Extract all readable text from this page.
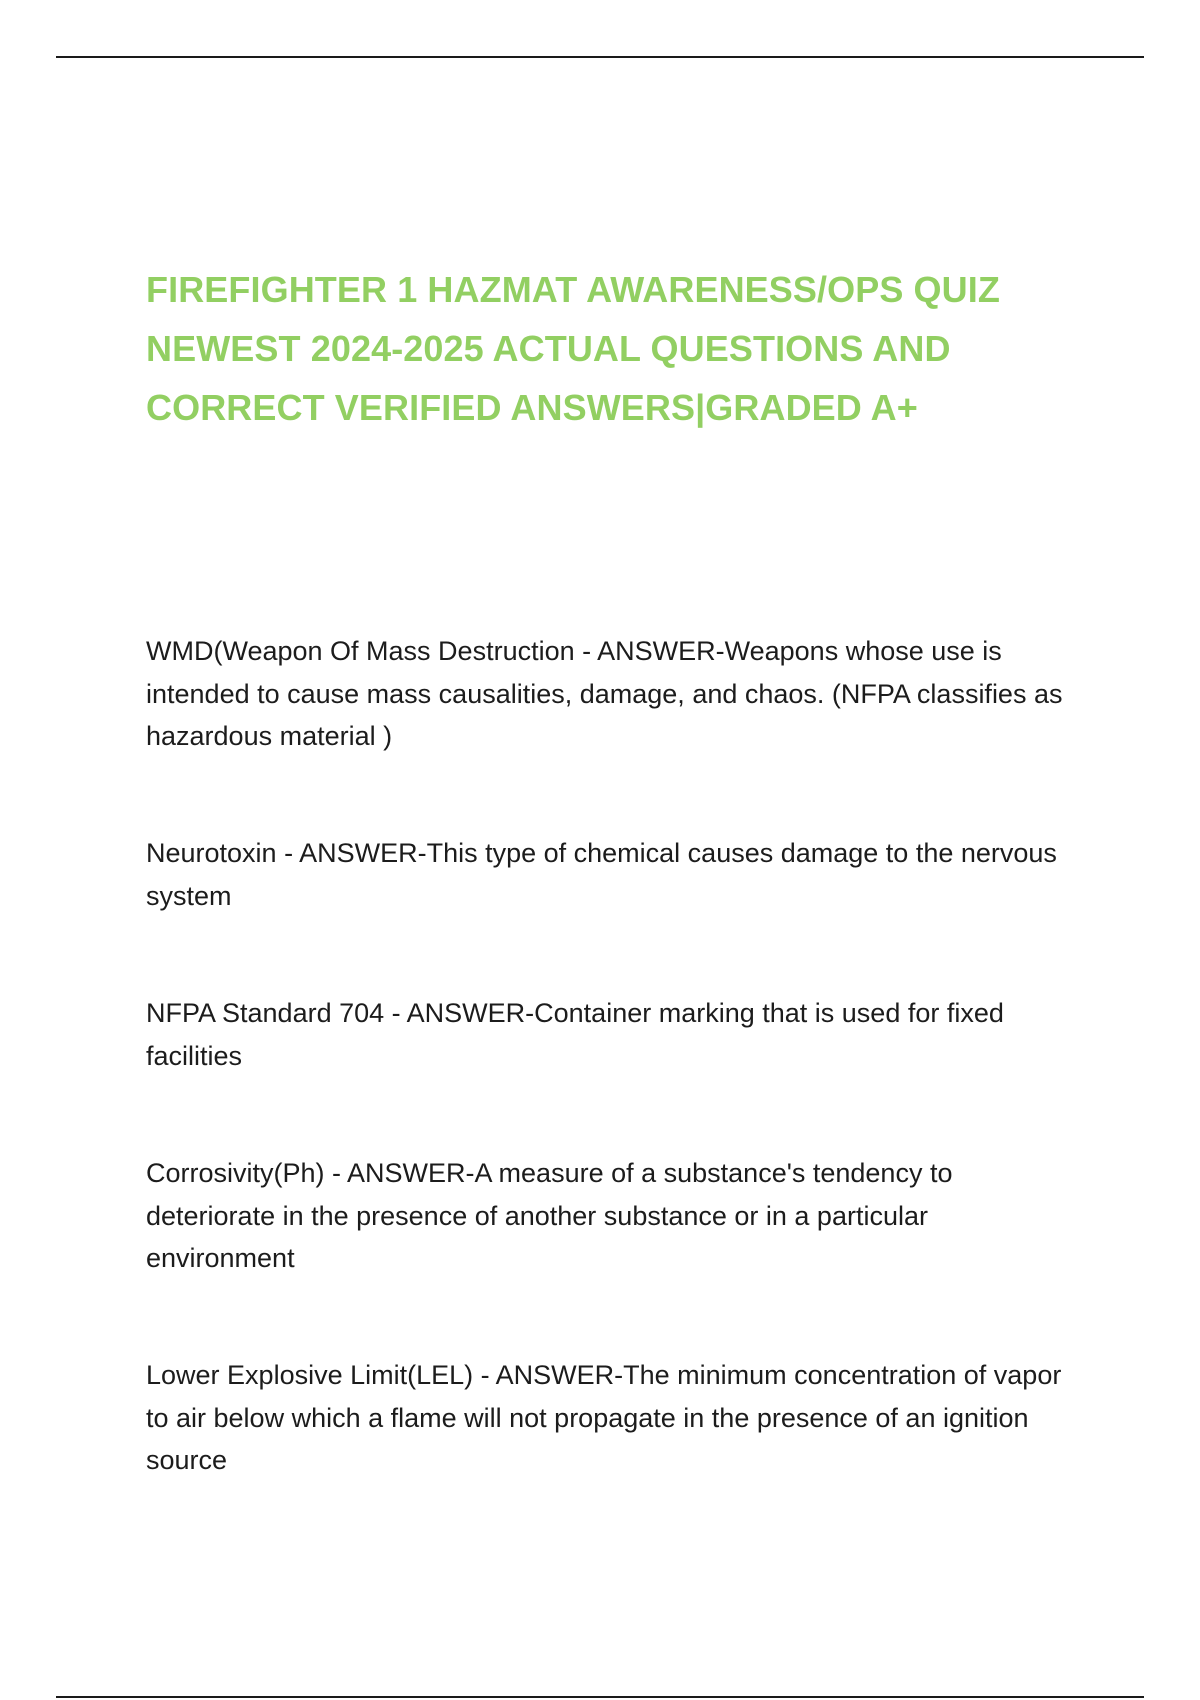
FIREFIGHTER 1 HAZMAT AWARENESS/OPS QUIZ NEWEST 2024-2025 ACTUAL QUESTIONS AND CORRECT VERIFIED ANSWERS|GRADED A+

WMD(Weapon Of Mass Destruction - ANSWER-Weapons whose use is intended to cause mass causalities, damage, and chaos. (NFPA classifies as hazardous material )

Neurotoxin - ANSWER-This type of chemical causes damage to the nervous system

NFPA Standard 704 - ANSWER-Container marking that is used for fixed facilities

Corrosivity(Ph) - ANSWER-A measure of a substance's tendency to deteriorate in the presence of another substance or in a particular environment

Lower Explosive Limit(LEL) - ANSWER-The minimum concentration of vapor to air below which a flame will not propagate in the presence of an ignition source
